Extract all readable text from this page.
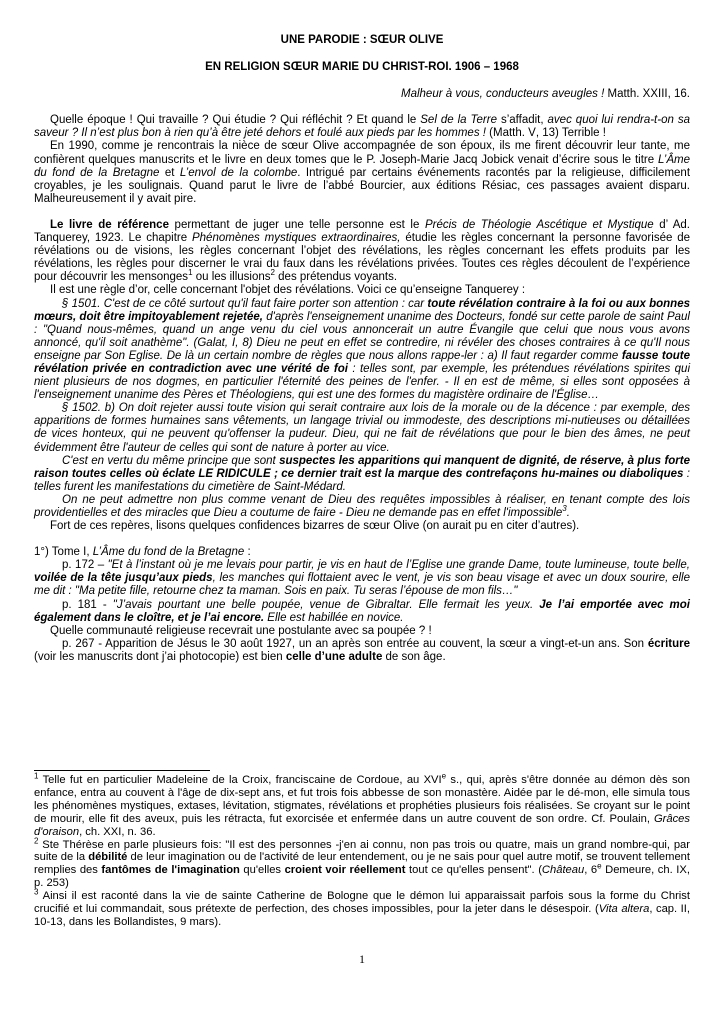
UNE PARODIE : SŒUR OLIVE

EN RELIGION SŒUR MARIE DU CHRIST-ROI. 1906 – 1968

Malheur à vous, conducteurs aveugles ! Matth. XXIII, 16.

Quelle époque ! Qui travaille ? Qui étudie ? Qui réfléchit ? Et quand le Sel de la Terre s’affadit, avec quoi lui rendra-t-on sa saveur ? Il n’est plus bon à rien qu’à être jeté dehors et foulé aux pieds par les hommes ! (Matth. V, 13) Terrible !

En 1990, comme je rencontrais la nièce de sœur Olive accompagnée de son époux, ils me firent découvrir leur tante, me confièrent quelques manuscrits et le livre en deux tomes que le P. Joseph-Marie Jacq Jobick venait d’écrire sous le titre L’Âme du fond de la Bretagne et L’envol de la colombe. Intrigué par certains événements racontés par la religieuse, difficilement croyables, je les soulignais. Quand parut le livre de l’abbé Bourcier, aux éditions Résiac, ces passages avaient disparu. Malheureusement il y avait pire.

Le livre de référence permettant de juger une telle personne est le Précis de Théologie Ascétique et Mystique d’ Ad. Tanquerey, 1923. Le chapitre Phénomènes mystiques extraordinaires, étudie les règles concernant la personne favorisée de révélations ou de visions, les règles concernant l’objet des révélations, les règles concernant les effets produits par les révélations, les règles pour discerner le vrai du faux dans les révélations privées. Toutes ces règles découlent de l’expérience pour découvrir les mensonges$^1$ ou les illusions$^2$ des prétendus voyants.

Il est une règle d’or, celle concernant l'objet des révélations. Voici ce qu’enseigne Tanquerey :

§ 1501. C'est de ce côté surtout qu'il faut faire porter son attention : car toute révélation contraire à la foi ou aux bonnes mœurs, doit être impitoyablement rejetée, d'après l'enseignement unanime des Docteurs, fondé sur cette parole de saint Paul : "Quand nous-mêmes, quand un ange venu du ciel vous annoncerait un autre Évangile que celui que nous vous avons annoncé, qu'il soit anathème". (Galat, I, 8) Dieu ne peut en effet se contredire, ni révéler des choses contraires à ce qu'Il nous enseigne par Son Eglise. De là un certain nombre de règles que nous allons rappe-ler : a) Il faut regarder comme fausse toute révélation privée en contradiction avec une vérité de foi : telles sont, par exemple, les prétendues révélations spirites qui nient plusieurs de nos dogmes, en particulier l'éternité des peines de l'enfer. - Il en est de même, si elles sont opposées à l'enseignement unanime des Pères et Théologiens, qui est une des formes du magistère ordinaire de l'Église…

§ 1502. b) On doit rejeter aussi toute vision qui serait contraire aux lois de la morale ou de la décence : par exemple, des apparitions de formes humaines sans vêtements, un langage trivial ou immodeste, des descriptions mi-nutieuses ou détaillées de vices honteux, qui ne peuvent qu'offenser la pudeur. Dieu, qui ne fait de révélations que pour le bien des âmes, ne peut évidemment être l'auteur de celles qui sont de nature à porter au vice.

C'est en vertu du même principe que sont suspectes les apparitions qui manquent de dignité, de réserve, à plus forte raison toutes celles où éclate LE RIDICULE ; ce dernier trait est la marque des contrefaçons hu-maines ou diaboliques : telles furent les manifestations du cimetière de Saint-Médard.

On ne peut admettre non plus comme venant de Dieu des requêtes impossibles à réaliser, en tenant compte des lois providentielles et des miracles que Dieu a coutume de faire - Dieu ne demande pas en effet l'impossible$^3$.

Fort de ces repères, lisons quelques confidences bizarres de sœur Olive (on aurait pu en citer d’autres).

1°) Tome I, L’Âme du fond de la Bretagne :

p. 172 – "Et à l’instant où je me levais pour partir, je vis en haut de l’Eglise une grande Dame, toute lumineuse, toute belle, voilée de la tête jusqu’aux pieds, les manches qui flottaient avec le vent, je vis son beau visage et avec un doux sourire, elle me dit : "Ma petite fille, retourne chez ta maman. Sois en paix. Tu seras l’épouse de mon fils…"

p. 181 - "J’avais pourtant une belle poupée, venue de Gibraltar. Elle fermait les yeux. Je l’ai emportée avec moi également dans le cloître, et je l’ai encore. Elle est habillée en novice.

Quelle communauté religieuse recevrait une postulante avec sa poupée ? !

p. 267 - Apparition de Jésus le 30 août 1927, un an après son entrée au couvent, la sœur a vingt-et-un ans. Son écriture (voir les manuscrits dont j’ai photocopie) est bien celle d’une adulte de son âge.

$^1$ Telle fut en particulier Madeleine de la Croix, franciscaine de Cordoue, au XVIe s., qui, après s'être donnée au démon dès son enfance, entra au couvent à l'âge de dix-sept ans, et fut trois fois abbesse de son monastère. Aidée par le dé-mon, elle simula tous les phénomènes mystiques, extases, lévitation, stigmates, révélations et prophéties plusieurs fois réalisées. Se croyant sur le point de mourir, elle fit des aveux, puis les rétracta, fut exorcisée et enfermée dans un autre couvent de son ordre. Cf. Poulain, Grâces d'oraison, ch. XXI, n. 36.

$^2$ Ste Thérèse en parle plusieurs fois: "Il est des personnes -j'en ai connu, non pas trois ou quatre, mais un grand nombre-qui, par suite de la débilité de leur imagination ou de l'activité de leur entendement, ou je ne sais pour quel autre motif, se trouvent tellement remplies des fantômes de l'imagination qu'elles croient voir réellement tout ce qu'elles pensent". (Château, 6e Demeure, ch. IX, p. 253)

$^3$ Ainsi il est raconté dans la vie de sainte Catherine de Bologne que le démon lui apparaissait parfois sous la forme du Christ crucifié et lui commandait, sous prétexte de perfection, des choses impossibles, pour la jeter dans le désespoir. (Vita altera, cap. II, 10-13, dans les Bollandistes, 9 mars).

1
